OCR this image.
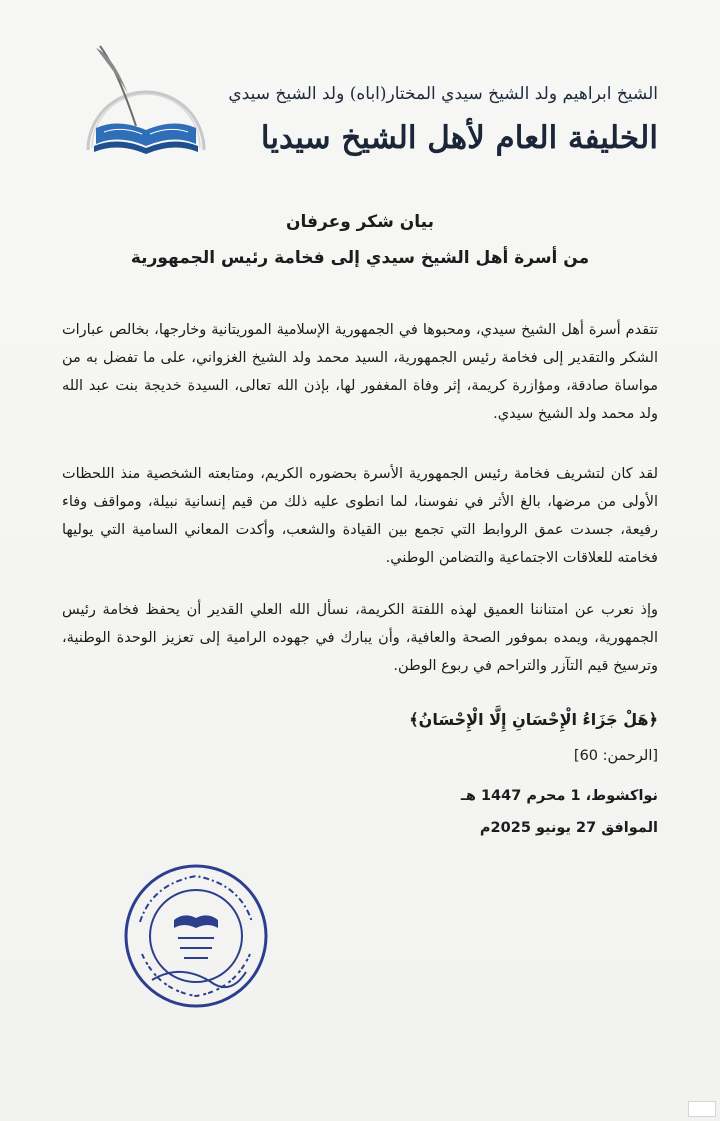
الشيخ ابراهيم ولد الشيخ سيدي المختار(اباه) ولد الشيخ سيدي
الخليفة العام لأهل الشيخ سيديا
بيان شكر وعرفان
من أسرة أهل الشيخ سيدي إلى فخامة رئيس الجمهورية
تتقدم أسرة أهل الشيخ سيدي، ومحبوها في الجمهورية الإسلامية الموريتانية وخارجها، بخالص عبارات الشكر والتقدير إلى فخامة رئيس الجمهورية، السيد محمد ولد الشيخ الغزواني، على ما تفضل به من مواساة صادقة، ومؤازرة كريمة، إثر وفاة المغفور لها، بإذن الله تعالى، السيدة خديجة بنت عبد الله ولد محمد ولد الشيخ سيدي.
لقد كان لتشريف فخامة رئيس الجمهورية الأسرة بحضوره الكريم، ومتابعته الشخصية منذ اللحظات الأولى من مرضها، بالغ الأثر في نفوسنا، لما انطوى عليه ذلك من قيم إنسانية نبيلة، ومواقف وفاء رفيعة، جسدت عمق الروابط التي تجمع بين القيادة والشعب، وأكدت المعاني السامية التي يوليها فخامته للعلاقات الاجتماعية والتضامن الوطني.
وإذ نعرب عن امتناننا العميق لهذه اللفتة الكريمة، نسأل الله العلي القدير أن يحفظ فخامة رئيس الجمهورية، ويمده بموفور الصحة والعافية، وأن يبارك في جهوده الرامية إلى تعزيز الوحدة الوطنية، وترسيخ قيم التآزر والتراحم في ربوع الوطن.
﴿هَلْ جَزَاءُ الْإِحْسَانِ إِلَّا الْإِحْسَانُ﴾
[الرحمن: 60]
نواكشوط، 1 محرم 1447 هـ
الموافق 27 يونيو 2025م
